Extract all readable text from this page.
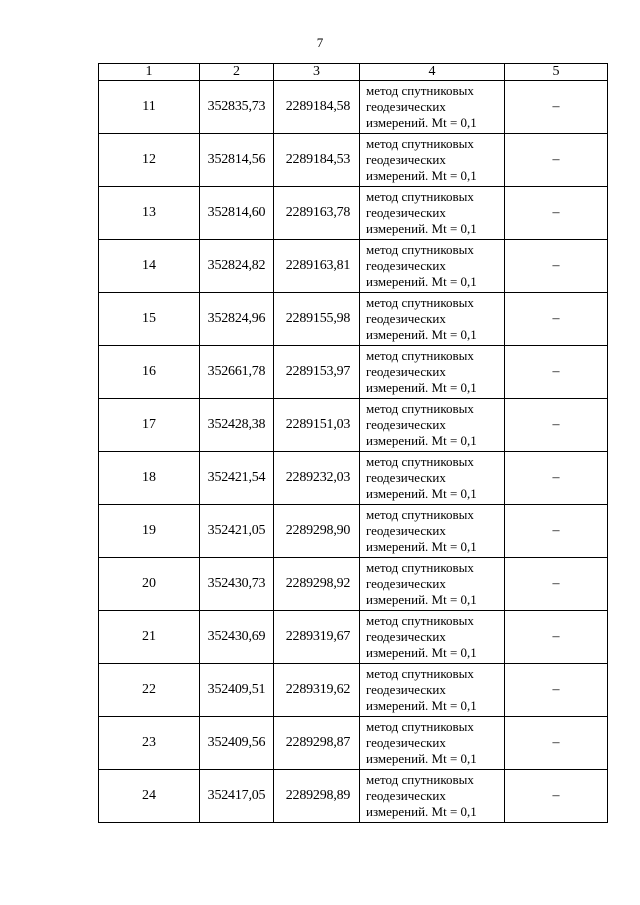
7
1	2	3	4	5
11	352835,73	2289184,58	метод спутниковых
геодезических
измерений. Mt = 0,1	–
12	352814,56	2289184,53	метод спутниковых
геодезических
измерений. Mt = 0,1	–
13	352814,60	2289163,78	метод спутниковых
геодезических
измерений. Mt = 0,1	–
14	352824,82	2289163,81	метод спутниковых
геодезических
измерений. Mt = 0,1	–
15	352824,96	2289155,98	метод спутниковых
геодезических
измерений. Mt = 0,1	–
16	352661,78	2289153,97	метод спутниковых
геодезических
измерений. Mt = 0,1	–
17	352428,38	2289151,03	метод спутниковых
геодезических
измерений. Mt = 0,1	–
18	352421,54	2289232,03	метод спутниковых
геодезических
измерений. Mt = 0,1	–
19	352421,05	2289298,90	метод спутниковых
геодезических
измерений. Mt = 0,1	–
20	352430,73	2289298,92	метод спутниковых
геодезических
измерений. Mt = 0,1	–
21	352430,69	2289319,67	метод спутниковых
геодезических
измерений. Mt = 0,1	–
22	352409,51	2289319,62	метод спутниковых
геодезических
измерений. Mt = 0,1	–
23	352409,56	2289298,87	метод спутниковых
геодезических
измерений. Mt = 0,1	–
24	352417,05	2289298,89	метод спутниковых
геодезических
измерений. Mt = 0,1	–
